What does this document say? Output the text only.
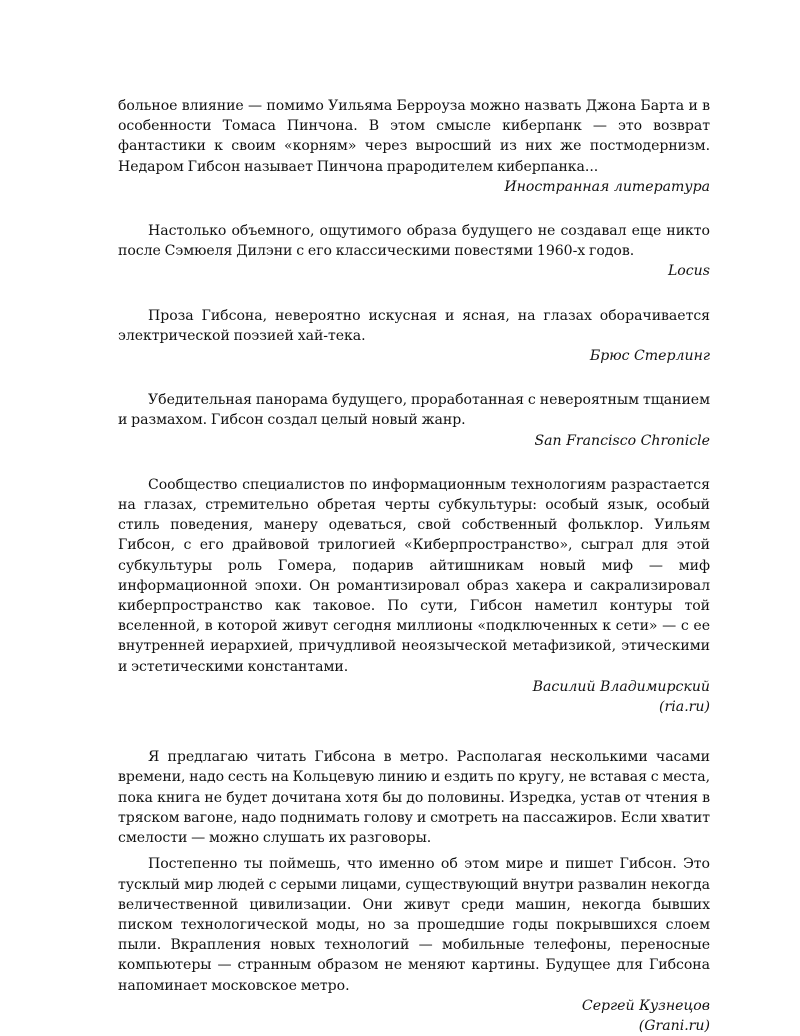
больное влияние — помимо Уильяма Берроуза можно назвать Джона Барта и в особенности Томаса Пинчона. В этом смысле киберпанк — это возврат фантастики к своим «корням» через выросший из них же постмодернизм. Недаром Гибсон называет Пинчона прародителем киберпанка...

Иностранная литература

Настолько объемного, ощутимого образа будущего не создавал еще никто после Сэмюеля Дилэни с его классическими повестями 1960-х годов.

Locus

Проза Гибсона, невероятно искусная и ясная, на глазах оборачивается электрической поэзией хай-тека.

Брюс Стерлинг

Убедительная панорама будущего, проработанная с невероятным тщанием и размахом. Гибсон создал целый новый жанр.

San Francisco Chronicle

Сообщество специалистов по информационным технологиям разрастается на глазах, стремительно обретая черты субкультуры: особый язык, особый стиль поведения, манеру одеваться, свой собственный фольклор. Уильям Гибсон, с его драйвовой трилогией «Киберпространство», сыграл для этой субкультуры роль Гомера, подарив айтишникам новый миф — миф информационной эпохи. Он романтизировал образ хакера и сакрализировал киберпространство как таковое. По сути, Гибсон наметил контуры той вселенной, в которой живут сегодня миллионы «подключенных к сети» — с ее внутренней иерархией, причудливой неоязыческой метафизикой, этическими и эстетическими константами.

Василий Владимирский

(ria.ru)

Я предлагаю читать Гибсона в метро. Располагая несколькими часами времени, надо сесть на Кольцевую линию и ездить по кругу, не вставая с места, пока книга не будет дочитана хотя бы до половины. Изредка, устав от чтения в тряском вагоне, надо поднимать голову и смотреть на пассажиров. Если хватит смелости — можно слушать их разговоры.

Постепенно ты поймешь, что именно об этом мире и пишет Гибсон. Это тусклый мир людей с серыми лицами, существующий внутри развалин некогда величественной цивилизации. Они живут среди машин, некогда бывших писком технологической моды, но за прошедшие годы покрывшихся слоем пыли. Вкрапления новых технологий — мобильные телефоны, переносные компьютеры — странным образом не меняют картины. Будущее для Гибсона напоминает московское метро.

Сергей Кузнецов

(Grani.ru)
